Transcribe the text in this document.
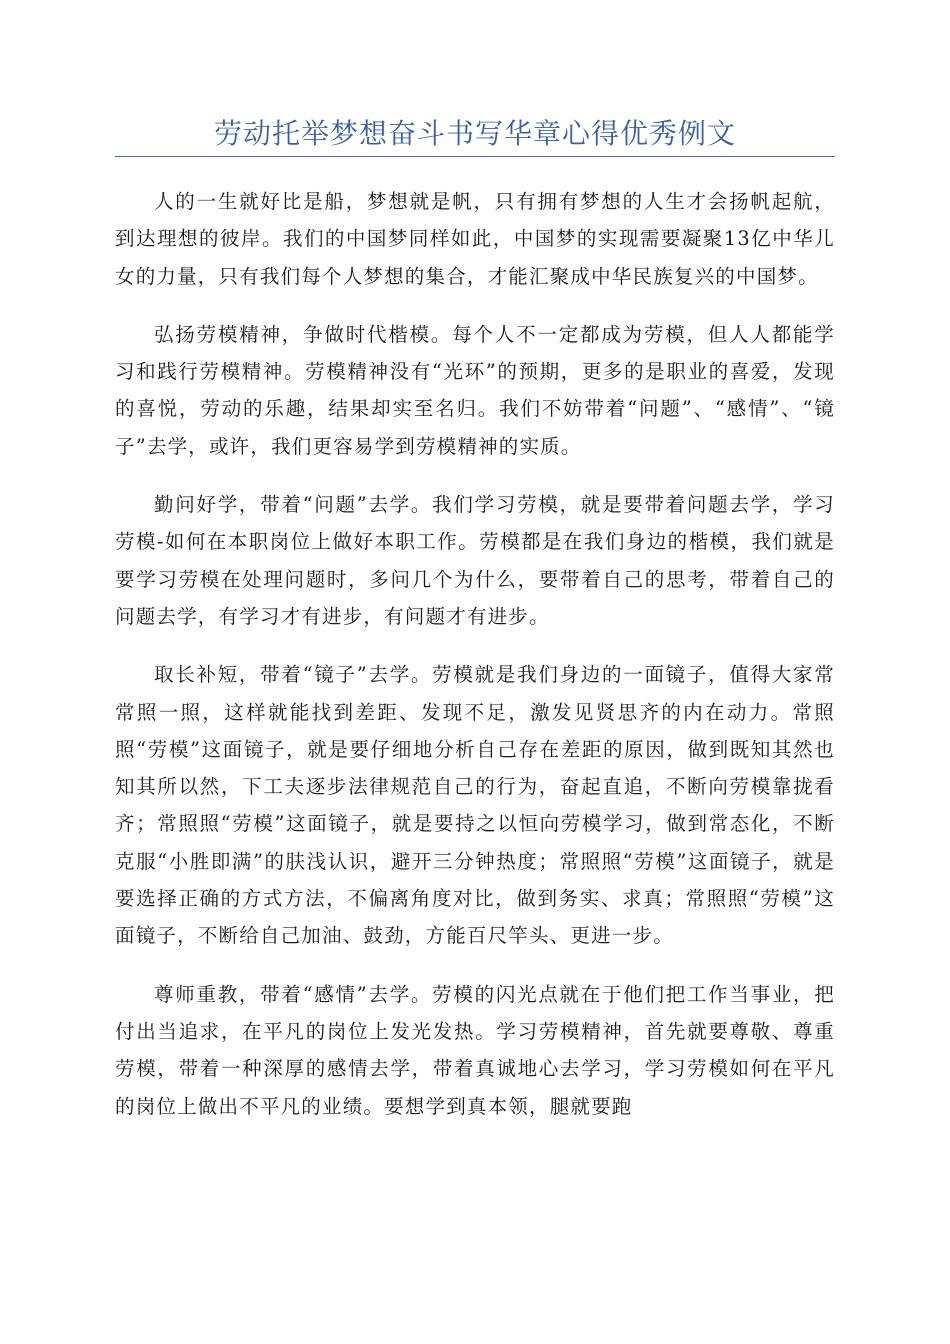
劳动托举梦想奋斗书写华章心得优秀例文

人的一生就好比是船，梦想就是帆，只有拥有梦想的人生才会扬帆起航，到达理想的彼岸。我们的中国梦同样如此，中国梦的实现需要凝聚13亿中华儿女的力量，只有我们每个人梦想的集合，才能汇聚成中华民族复兴的中国梦。

弘扬劳模精神，争做时代楷模。每个人不一定都成为劳模，但人人都能学习和践行劳模精神。劳模精神没有“光环”的预期，更多的是职业的喜爱，发现的喜悦，劳动的乐趣，结果却实至名归。我们不妨带着“问题”、“感情”、“镜子”去学，或许，我们更容易学到劳模精神的实质。

勤问好学，带着“问题”去学。我们学习劳模，就是要带着问题去学，学习劳模-如何在本职岗位上做好本职工作。劳模都是在我们身边的楷模，我们就是要学习劳模在处理问题时，多问几个为什么，要带着自己的思考，带着自己的问题去学，有学习才有进步，有问题才有进步。

取长补短，带着“镜子”去学。劳模就是我们身边的一面镜子，值得大家常常照一照，这样就能找到差距、发现不足，激发见贤思齐的内在动力。常照照“劳模”这面镜子，就是要仔细地分析自己存在差距的原因，做到既知其然也知其所以然，下工夫逐步法律规范自己的行为，奋起直追，不断向劳模靠拢看齐；常照照“劳模”这面镜子，就是要持之以恒向劳模学习，做到常态化，不断克服“小胜即满”的肤浅认识，避开三分钟热度；常照照“劳模”这面镜子，就是要选择正确的方式方法，不偏离角度对比，做到务实、求真；常照照“劳模”这面镜子，不断给自己加油、鼓劲，方能百尺竿头、更进一步。

尊师重教，带着“感情”去学。劳模的闪光点就在于他们把工作当事业，把付出当追求，在平凡的岗位上发光发热。学习劳模精神，首先就要尊敬、尊重劳模，带着一种深厚的感情去学，带着真诚地心去学习，学习劳模如何在平凡的岗位上做出不平凡的业绩。要想学到真本领，腿就要跑
